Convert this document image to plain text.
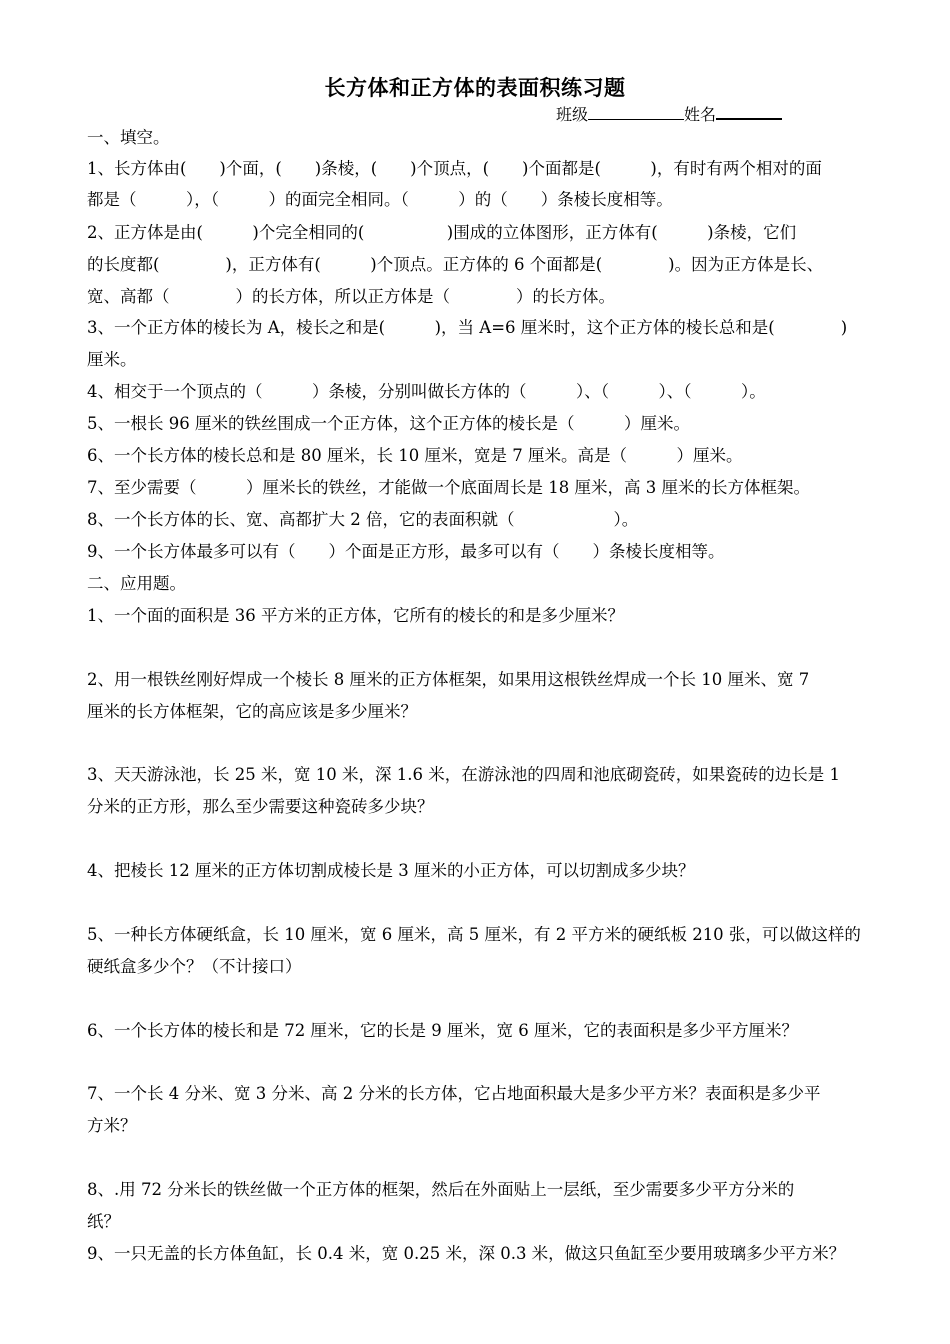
长方体和正方体的表面积练习题
班级	姓名
一、填空。
1、长方体由(　　)个面，(　　)条棱，(　　)个顶点，(　　)个面都是(　　　)，有时有两个相对的面
都是（　　　），（　　　）的面完全相同。（　　　）的（　　）条棱长度相等。
2、正方体是由(　　　)个完全相同的(　　　　　)围成的立体图形，正方体有(　　　)条棱，它们
的长度都(　　　　)，正方体有(　　　)个顶点。正方体的 6 个面都是(　　　　)。因为正方体是长、
宽、高都（　　　　）的长方体，所以正方体是（　　　　）的长方体。
3、一个正方体的棱长为 A，棱长之和是(　　　)，当 A=6 厘米时，这个正方体的棱长总和是(　　　　)
厘米。
4、相交于一个顶点的（　　　）条棱，分别叫做长方体的（　　　）、（　　　）、（　　　）。
5、一根长 96 厘米的铁丝围成一个正方体，这个正方体的棱长是（　　　）厘米。
6、一个长方体的棱长总和是 80 厘米，长 10 厘米，宽是 7 厘米。高是（　　　）厘米。
7、至少需要（　　　）厘米长的铁丝，才能做一个底面周长是 18 厘米，高 3 厘米的长方体框架。
8、一个长方体的长、宽、高都扩大 2 倍，它的表面积就（　　　　　　）。
9、一个长方体最多可以有（　　）个面是正方形，最多可以有（　　）条棱长度相等。
二、应用题。
1、一个面的面积是 36 平方米的正方体，它所有的棱长的和是多少厘米？
2、用一根铁丝刚好焊成一个棱长 8 厘米的正方体框架，如果用这根铁丝焊成一个长 10 厘米、宽 7
厘米的长方体框架，它的高应该是多少厘米？
3、天天游泳池，长 25 米，宽 10 米，深 1.6 米，在游泳池的四周和池底砌瓷砖，如果瓷砖的边长是 1
分米的正方形，那么至少需要这种瓷砖多少块？
4、把棱长 12 厘米的正方体切割成棱长是 3 厘米的小正方体，可以切割成多少块？
5、一种长方体硬纸盒，长 10 厘米，宽 6 厘米，高 5 厘米，有 2 平方米的硬纸板 210 张，可以做这样的
硬纸盒多少个？（不计接口）
6、一个长方体的棱长和是 72 厘米，它的长是 9 厘米，宽 6 厘米，它的表面积是多少平方厘米？
7、一个长 4 分米、宽 3 分米、高 2 分米的长方体，它占地面积最大是多少平方米？表面积是多少平
方米？
8、.用 72 分米长的铁丝做一个正方体的框架，然后在外面贴上一层纸，至少需要多少平方分米的
纸？
9、一只无盖的长方体鱼缸，长 0.4 米，宽 0.25 米，深 0.3 米，做这只鱼缸至少要用玻璃多少平方米？
